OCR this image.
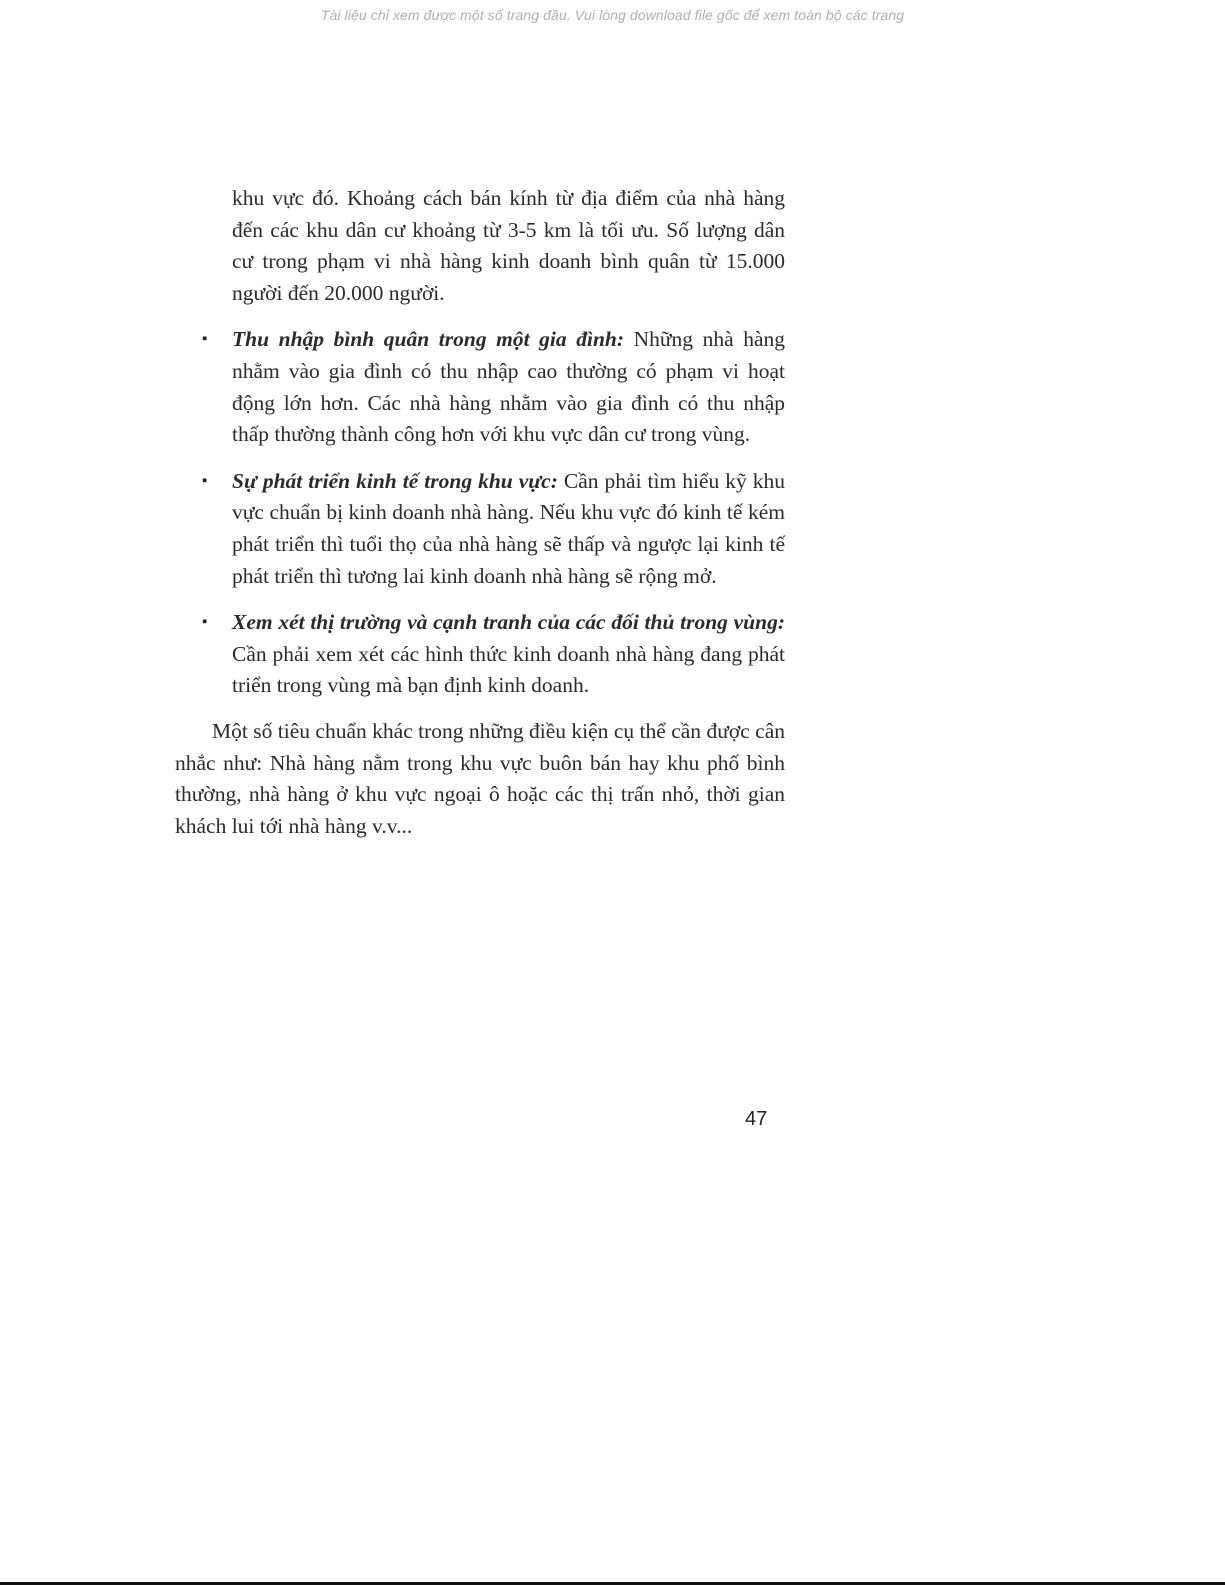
Tài liệu chỉ xem được một số trang đầu. Vui lòng download file gốc để xem toàn bộ các trang

khu vực đó. Khoảng cách bán kính từ địa điểm của nhà hàng đến các khu dân cư khoảng từ 3-5 km là tối ưu. Số lượng dân cư trong phạm vi nhà hàng kinh doanh bình quân từ 15.000 người đến 20.000 người.

▪ Thu nhập bình quân trong một gia đình: Những nhà hàng nhằm vào gia đình có thu nhập cao thường có phạm vi hoạt động lớn hơn. Các nhà hàng nhằm vào gia đình có thu nhập thấp thường thành công hơn với khu vực dân cư trong vùng.
▪ Sự phát triển kinh tế trong khu vực: Cần phải tìm hiểu kỹ khu vực chuẩn bị kinh doanh nhà hàng. Nếu khu vực đó kinh tế kém phát triển thì tuổi thọ của nhà hàng sẽ thấp và ngược lại kinh tế phát triển thì tương lai kinh doanh nhà hàng sẽ rộng mở.
▪ Xem xét thị trường và cạnh tranh của các đối thủ trong vùng: Cần phải xem xét các hình thức kinh doanh nhà hàng đang phát triển trong vùng mà bạn định kinh doanh.

Một số tiêu chuẩn khác trong những điều kiện cụ thể cần được cân nhắc như: Nhà hàng nằm trong khu vực buôn bán hay khu phố bình thường, nhà hàng ở khu vực ngoại ô hoặc các thị trấn nhỏ, thời gian khách lui tới nhà hàng v.v...

47
